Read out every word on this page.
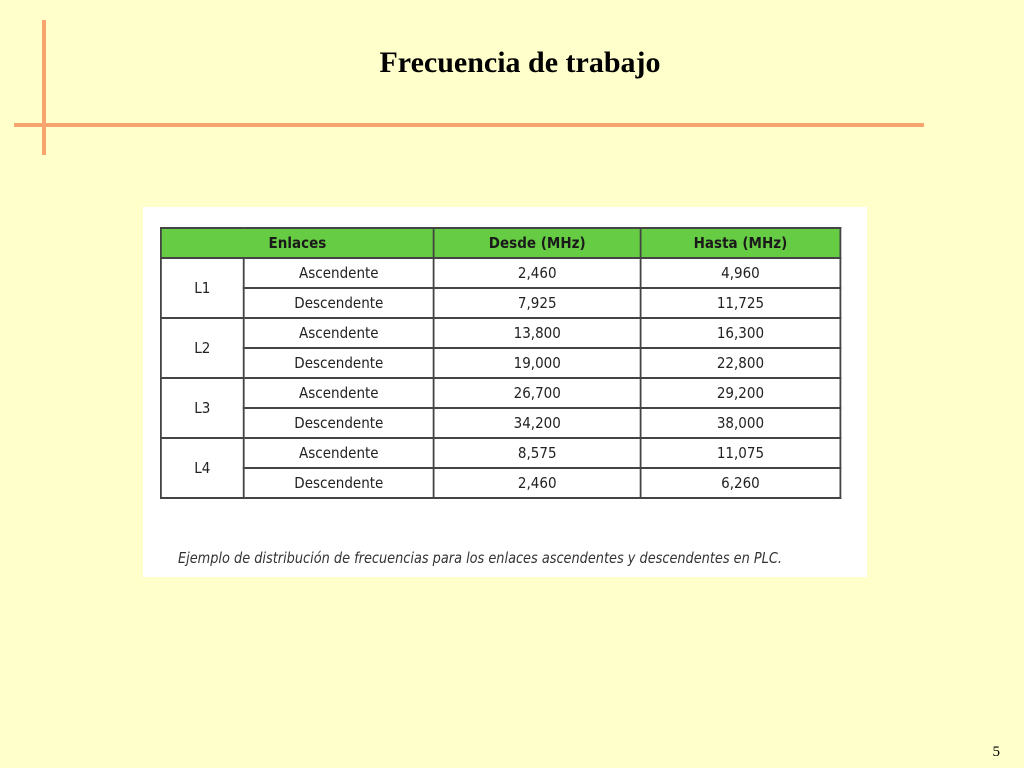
Frecuencia de trabajo
Enlaces		Desde (MHz)	Hasta (MHz)
L1	Ascendente	2,460	4,960
	Descendente	7,925	11,725
L2	Ascendente	13,800	16,300
	Descendente	19,000	22,800
L3	Ascendente	26,700	29,200
	Descendente	34,200	38,000
L4	Ascendente	8,575	11,075
	Descendente	2,460	6,260
Ejemplo de distribución de frecuencias para los enlaces ascendentes y descendentes en PLC.
5
